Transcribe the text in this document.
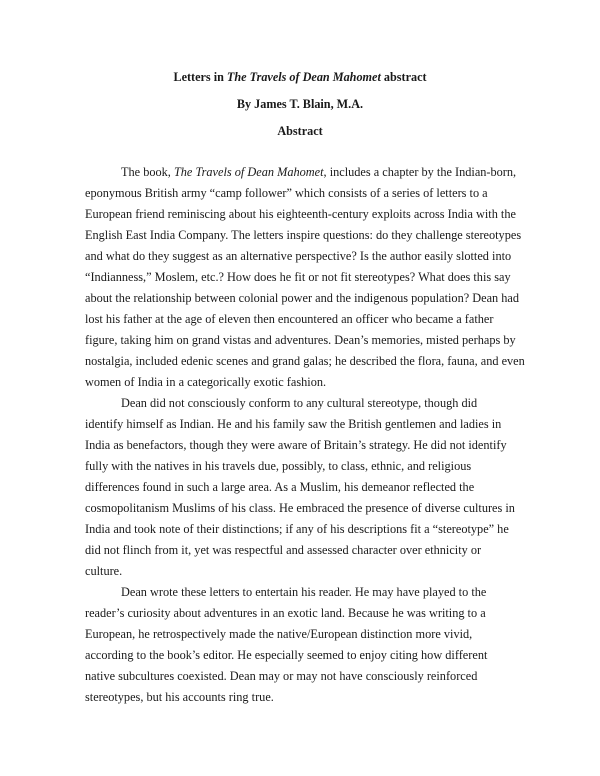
Letters in The Travels of Dean Mahomet abstract
By James T. Blain, M.A.
Abstract
The book, The Travels of Dean Mahomet, includes a chapter by the Indian-born,
eponymous British army “camp follower” which consists of a series of letters to a
European friend reminiscing about his eighteenth-century exploits across India with the
English East India Company. The letters inspire questions: do they challenge stereotypes
and what do they suggest as an alternative perspective? Is the author easily slotted into
“Indianness,” Moslem, etc.? How does he fit or not fit stereotypes? What does this say
about the relationship between colonial power and the indigenous population? Dean had
lost his father at the age of eleven then encountered an officer who became a father
figure, taking him on grand vistas and adventures. Dean’s memories, misted perhaps by
nostalgia, included edenic scenes and grand galas; he described the flora, fauna, and even
women of India in a categorically exotic fashion.
Dean did not consciously conform to any cultural stereotype, though did
identify himself as Indian. He and his family saw the British gentlemen and ladies in
India as benefactors, though they were aware of Britain’s strategy. He did not identify
fully with the natives in his travels due, possibly, to class, ethnic, and religious
differences found in such a large area. As a Muslim, his demeanor reflected the
cosmopolitanism Muslims of his class. He embraced the presence of diverse cultures in
India and took note of their distinctions; if any of his descriptions fit a “stereotype” he
did not flinch from it, yet was respectful and assessed character over ethnicity or
culture.
Dean wrote these letters to entertain his reader. He may have played to the
reader’s curiosity about adventures in an exotic land. Because he was writing to a
European, he retrospectively made the native/European distinction more vivid,
according to the book’s editor. He especially seemed to enjoy citing how different
native subcultures coexisted. Dean may or may not have consciously reinforced
stereotypes, but his accounts ring true.
